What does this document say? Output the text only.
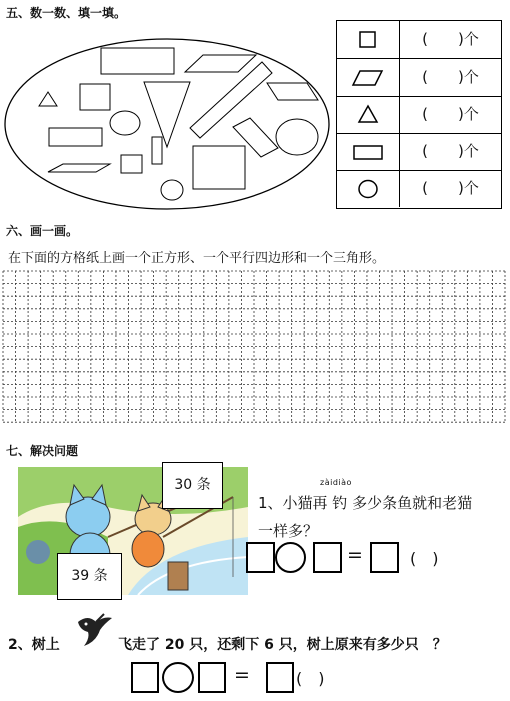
五、数一数、填一填。
(　　)个
(　　)个
(　　)个
(　　)个
(　　)个
六、画一画。
在下面的方格纸上画一个正方形、一个平行四边形和一个三角形。
七、解决问题
30 条
39 条
zàidiào
1、小猫再 钓 多少条鱼就和老猫
一样多？
=	(　)
2、树上	飞走了 20 只，还剩下 6 只，树上原来有多少只　？
=	(　)
